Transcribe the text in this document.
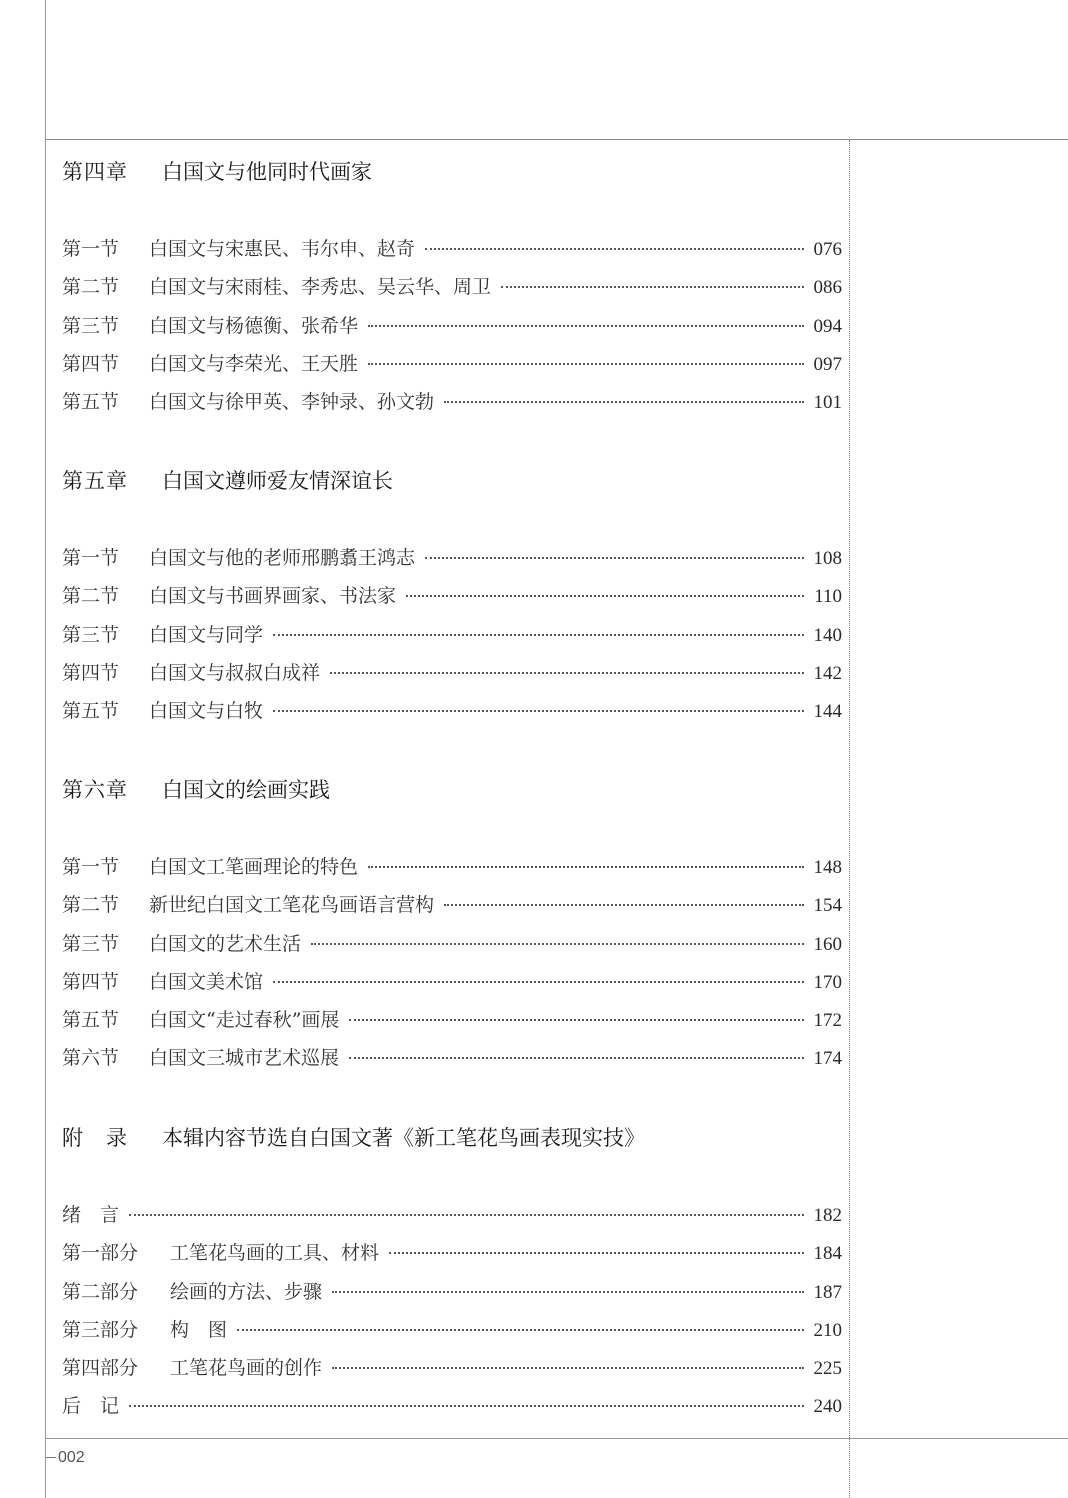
第四章 白国文与他同时代画家
第一节	白国文与宋惠民、韦尔申、赵奇	076
第二节	白国文与宋雨桂、李秀忠、吴云华、周卫	086
第三节	白国文与杨德衡、张希华	094
第四节	白国文与李荣光、王天胜	097
第五节	白国文与徐甲英、李钟录、孙文勃	101
第五章 白国文遵师爱友情深谊长
第一节	白国文与他的老师邢鹏翥王鸿志	108
第二节	白国文与书画界画家、书法家	110
第三节	白国文与同学	140
第四节	白国文与叔叔白成祥	142
第五节	白国文与白牧	144
第六章 白国文的绘画实践
第一节	白国文工笔画理论的特色	148
第二节	新世纪白国文工笔花鸟画语言营构	154
第三节	白国文的艺术生活	160
第四节	白国文美术馆	170
第五节	白国文“走过春秋”画展	172
第六节	白国文三城市艺术巡展	174
附　录 本辑内容节选自白国文著《新工笔花鸟画表现实技》
绪　言	182
第一部分	工笔花鸟画的工具、材料	184
第二部分	绘画的方法、步骤	187
第三部分	构　图	210
第四部分	工笔花鸟画的创作	225
后　记	240
002
